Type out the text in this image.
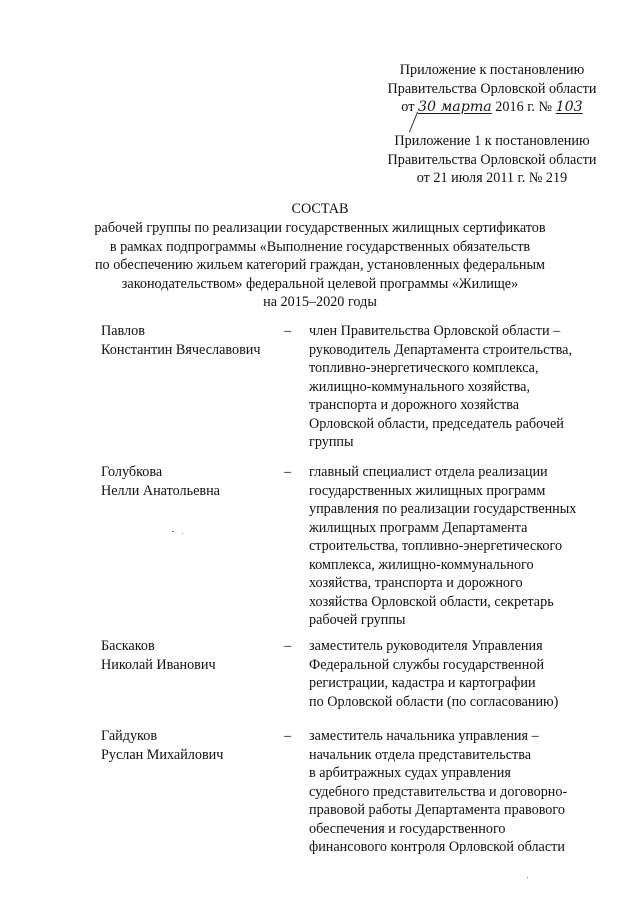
Приложение к постановлению
Правительства Орловской области
от 30 марта 2016 г. № 103
Приложение 1 к постановлению
Правительства Орловской области
от 21 июля 2011 г. № 219
СОСТАВ
рабочей группы по реализации государственных жилищных сертификатов
в рамках подпрограммы «Выполнение государственных обязательств
по обеспечению жильем категорий граждан, установленных федеральным
законодательством» федеральной целевой программы «Жилище»
на 2015–2020 годы
Павлов
Константин Вячеславович
–	член Правительства Орловской области –
руководитель Департамента строительства,
топливно-энергетического комплекса,
жилищно-коммунального хозяйства,
транспорта и дорожного хозяйства
Орловской области, председатель рабочей
группы
Голубкова
Нелли Анатольевна
–	главный специалист отдела реализации
государственных жилищных программ
управления по реализации государственных
жилищных программ Департамента
строительства, топливно-энергетического
комплекса, жилищно-коммунального
хозяйства, транспорта и дорожного
хозяйства Орловской области, секретарь
рабочей группы
Баскаков
Николай Иванович
–	заместитель руководителя Управления
Федеральной службы государственной
регистрации, кадастра и картографии
по Орловской области (по согласованию)
Гайдуков
Руслан Михайлович
–	заместитель начальника управления –
начальник отдела представительства
в арбитражных судах управления
судебного представительства и договорно-
правовой работы Департамента правового
обеспечения и государственного
финансового контроля Орловской области
